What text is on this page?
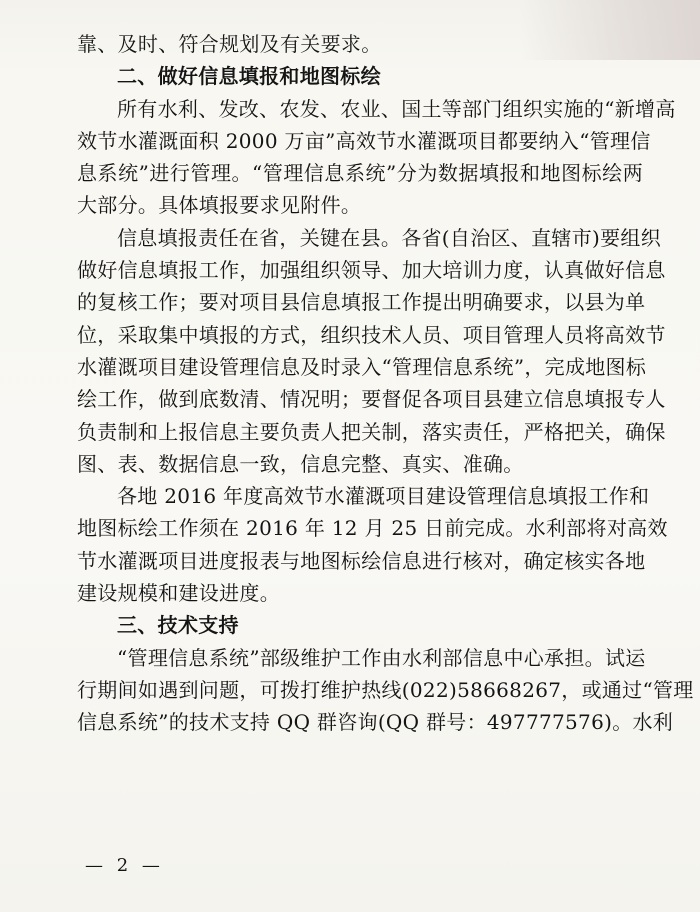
靠、及时、符合规划及有关要求。
二、做好信息填报和地图标绘
所有水利、发改、农发、农业、国土等部门组织实施的“新增高
效节水灌溉面积 2000 万亩”高效节水灌溉项目都要纳入“管理信
息系统”进行管理。“管理信息系统”分为数据填报和地图标绘两
大部分。具体填报要求见附件。
信息填报责任在省，关键在县。各省(自治区、直辖市)要组织
做好信息填报工作，加强组织领导、加大培训力度，认真做好信息
的复核工作；要对项目县信息填报工作提出明确要求，以县为单
位，采取集中填报的方式，组织技术人员、项目管理人员将高效节
水灌溉项目建设管理信息及时录入“管理信息系统”，完成地图标
绘工作，做到底数清、情况明；要督促各项目县建立信息填报专人
负责制和上报信息主要负责人把关制，落实责任，严格把关，确保
图、表、数据信息一致，信息完整、真实、准确。
各地 2016 年度高效节水灌溉项目建设管理信息填报工作和
地图标绘工作须在 2016 年 12 月 25 日前完成。水利部将对高效
节水灌溉项目进度报表与地图标绘信息进行核对，确定核实各地
建设规模和建设进度。
三、技术支持
“管理信息系统”部级维护工作由水利部信息中心承担。试运
行期间如遇到问题，可拨打维护热线(022)58668267，或通过“管理
信息系统”的技术支持 QQ 群咨询(QQ 群号：497777576)。水利
— 2 —
